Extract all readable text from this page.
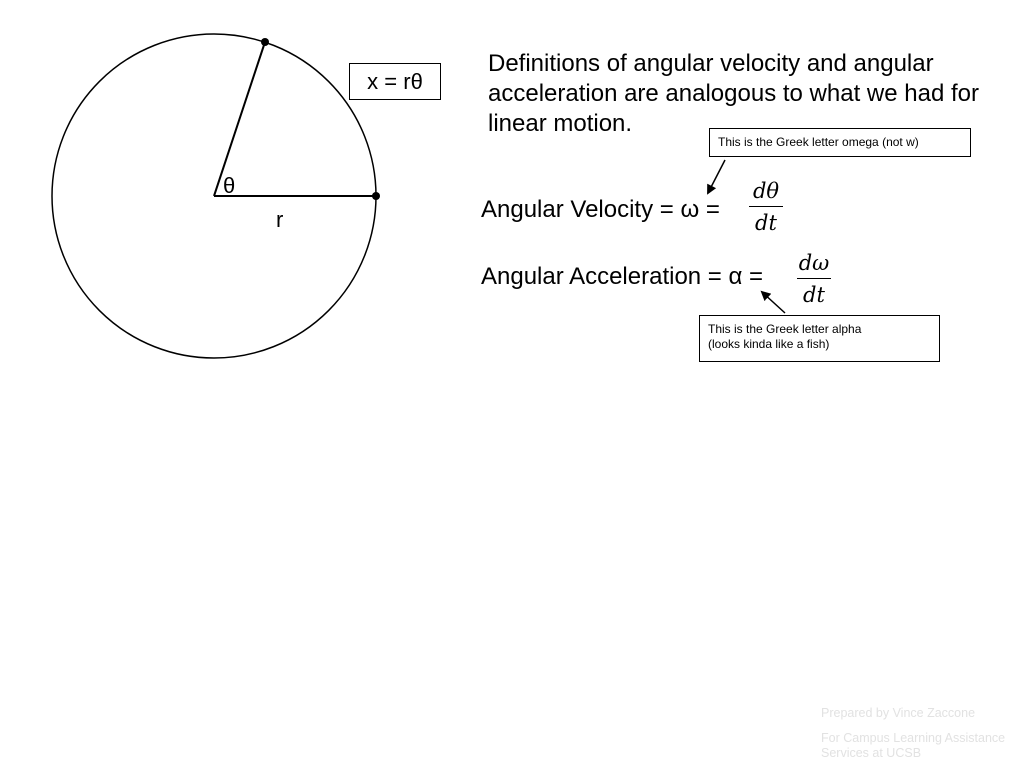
θ
r
x = rθ
Definitions of angular velocity and angular acceleration are analogous to what we had for linear motion.
Angular Velocity = ω =
dθ
dt
Angular Acceleration = α = dω
dt
This is the Greek letter omega (not w)
This is the Greek letter alpha
(looks kinda like a fish)
Prepared by Vince Zaccone
For Campus Learning Assistance Services at UCSB
